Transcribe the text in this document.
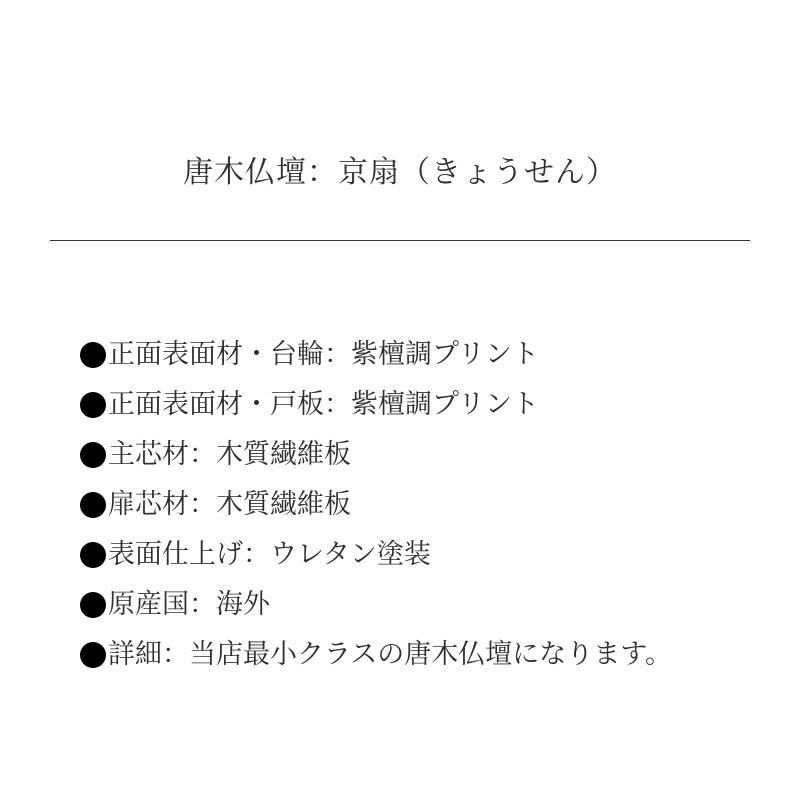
唐木仏壇：京扇（きょうせん）
正面表面材・台輪：紫檀調プリント
正面表面材・戸板：紫檀調プリント
主芯材：木質繊維板
扉芯材：木質繊維板
表面仕上げ：ウレタン塗装
原産国：海外
詳細：当店最小クラスの唐木仏壇になります。
